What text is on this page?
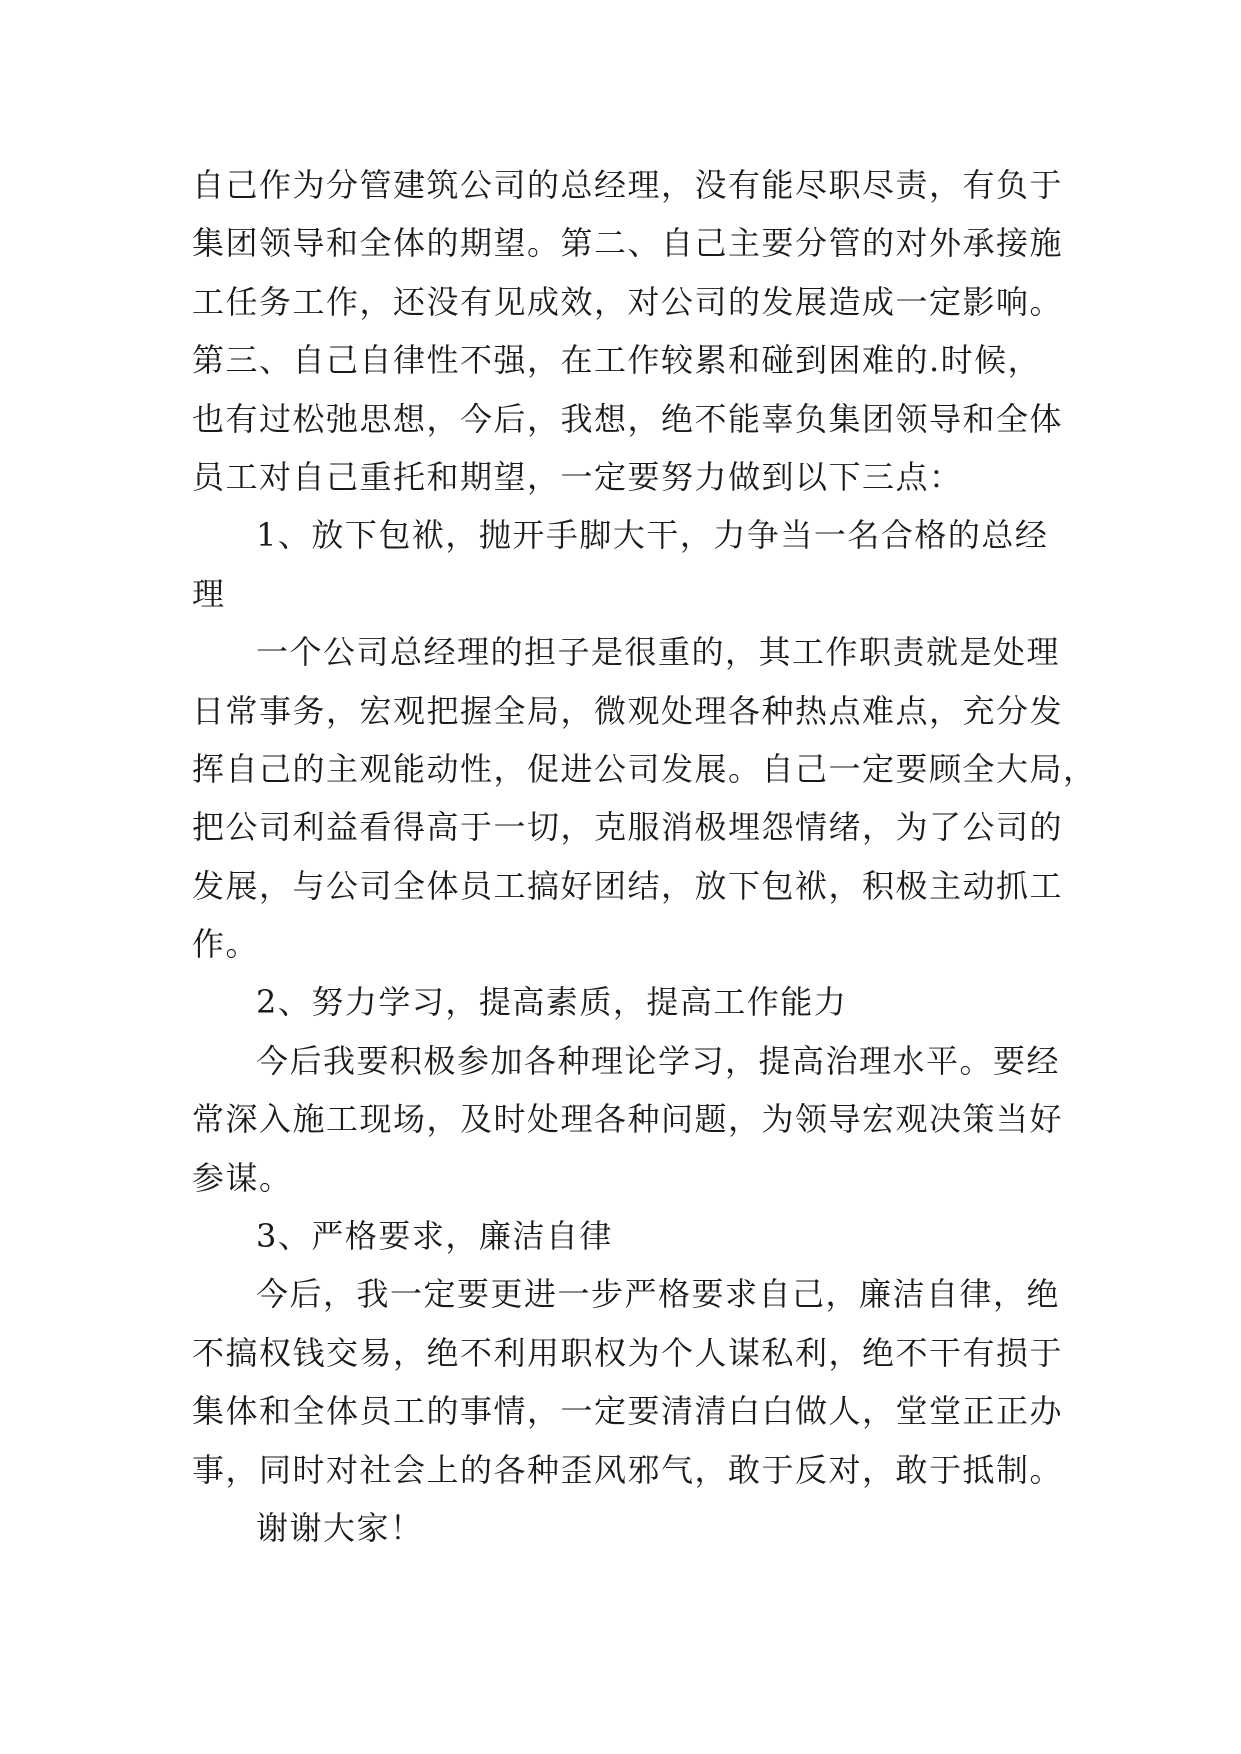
自己作为分管建筑公司的总经理，没有能尽职尽责，有负于
集团领导和全体的期望。第二、自己主要分管的对外承接施
工任务工作，还没有见成效，对公司的发展造成一定影响。
第三、自己自律性不强，在工作较累和碰到困难的.时候，
也有过松弛思想，今后，我想，绝不能辜负集团领导和全体
员工对自己重托和期望，一定要努力做到以下三点：
1、放下包袱，抛开手脚大干，力争当一名合格的总经
理
一个公司总经理的担子是很重的，其工作职责就是处理
日常事务，宏观把握全局，微观处理各种热点难点，充分发
挥自己的主观能动性，促进公司发展。自己一定要顾全大局，
把公司利益看得高于一切，克服消极埋怨情绪，为了公司的
发展，与公司全体员工搞好团结，放下包袱，积极主动抓工
作。
2、努力学习，提高素质，提高工作能力
今后我要积极参加各种理论学习，提高治理水平。要经
常深入施工现场，及时处理各种问题，为领导宏观决策当好
参谋。
3、严格要求，廉洁自律
今后，我一定要更进一步严格要求自己，廉洁自律，绝
不搞权钱交易，绝不利用职权为个人谋私利，绝不干有损于
集体和全体员工的事情，一定要清清白白做人，堂堂正正办
事，同时对社会上的各种歪风邪气，敢于反对，敢于抵制。
谢谢大家！
